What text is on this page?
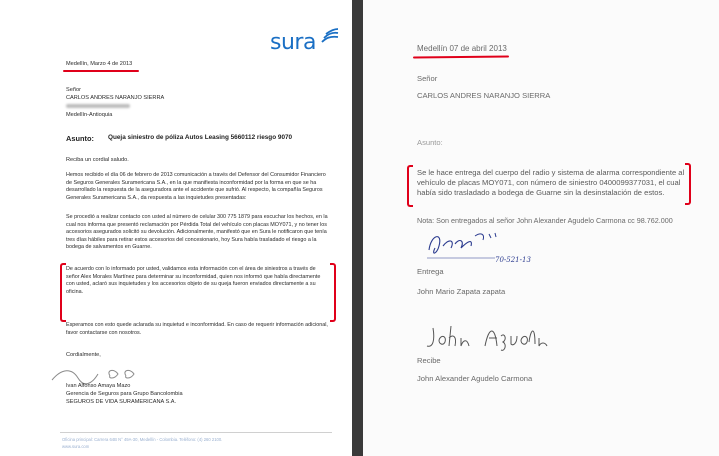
sura
Medellín, Marzo 4 de 2013
Señor
CARLOS ANDRES NARANJO SIERRA
Medellín-Antioquia
Asunto: Queja siniestro de póliza Autos Leasing 5660112 riesgo 9070
Reciba un cordial saludo.
Hemos recibido el día 06 de febrero de 2013 comunicación a través del Defensor del Consumidor Financiero de Seguros Generales Suramericana S.A., en la que manifiesta inconformidad por la forma en que se ha desarrollado la respuesta de la aseguradora ante el accidente que sufrió. Al respecto, la compañía Seguros Generales Suramericana S.A., da respuesta a las inquietudes presentadas:
Se procedió a realizar contacto con usted al número de celular 300 775 1879 para escuchar los hechos, en la cual nos informa que presentó reclamación por Pérdida Total del vehículo con placas MOY071, y no tener los accesorios asegurados solicitó su devolución. Adicionalmente, manifestó que en Sura le notificaron que tenía tres días hábiles para retirar estos accesorios del concesionario, hoy Sura había trasladado el riesgo a la bodega de salvamentos en Guarne.
De acuerdo con lo informado por usted, validamos esta información con el área de siniestros a través de señor Alex Morales Martínez para determinar su inconformidad, quien nos informó que había directamente con usted, aclaró sus inquietudes y los accesorios objeto de su queja fueron enviados directamente a su oficina.
Esperamos con esto quede aclarada su inquietud e inconformidad. En caso de requerir información adicional, favor contactarse con nosotros.
Cordialmente,
Ivan Alfonso Amaya Mazo
Gerencia de Seguros para Grupo Bancolombia
SEGUROS DE VIDA SURAMERICANA S.A.
Oficina principal: Carrera 64B N° 49A-30, Medellín - Colombia. Teléfono: (4) 260 2100.
www.sura.com
Medellín 07 de abril 2013
Señor
CARLOS ANDRES NARANJO SIERRA
Asunto:
Se le hace entrega del cuerpo del radio y sistema de alarma correspondiente al vehículo de placas MOY071, con número de siniestro 0400099377031, el cual había sido trasladado a bodega de Guarne sin la desinstalación de estos.
Nota: Son entregados al señor John Alexander Agudelo Carmona cc 98.762.000
70-521-13
Entrega
John Mario Zapata zapata
Recibe
John Alexander Agudelo Carmona
